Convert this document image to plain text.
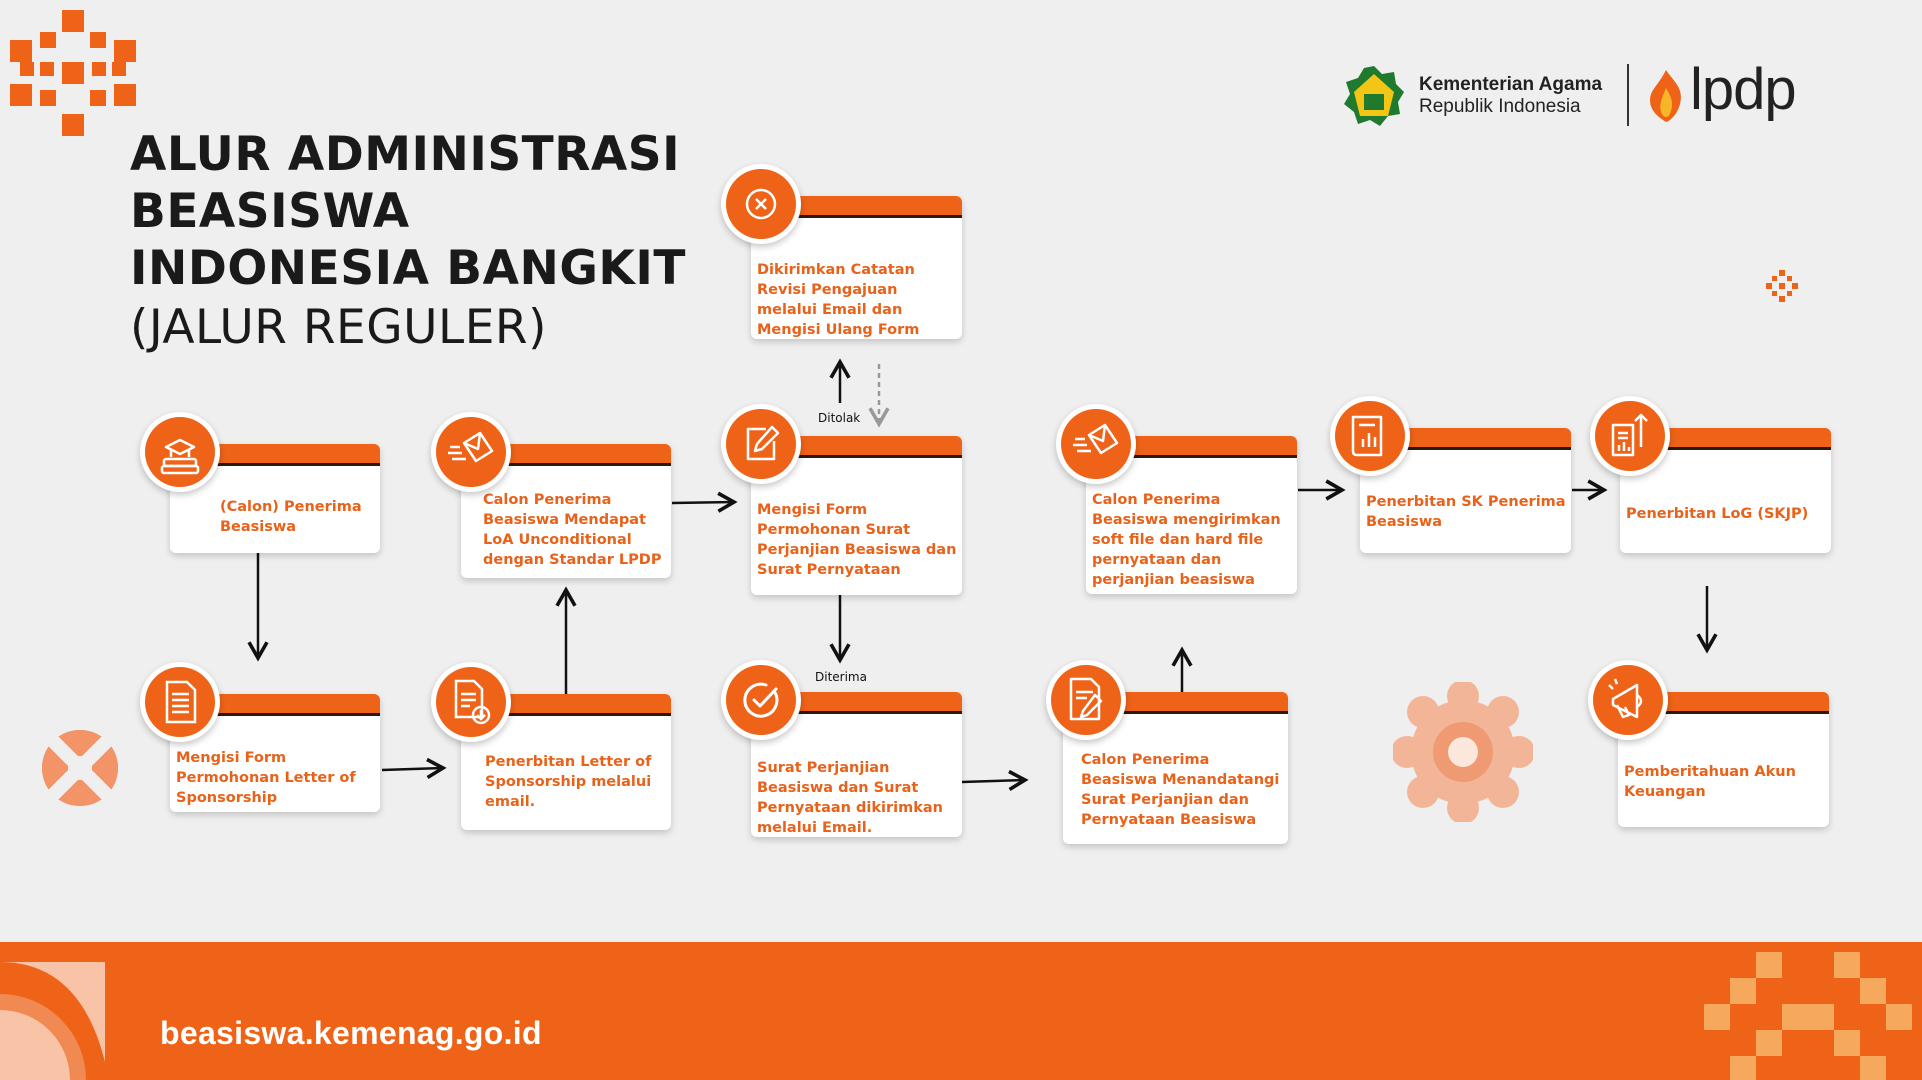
ALUR ADMINISTRASI
BEASISWA
INDONESIA BANGKIT
(JALUR REGULER)
Kementerian Agama
Republik Indonesia lpdp
Ditolak
Diterima
(Calon) Penerima Beasiswa
Mengisi Form Permohonan Letter of Sponsorship
Penerbitan Letter of Sponsorship melalui email.
Calon Penerima Beasiswa Mendapat LoA Unconditional dengan Standar LPDP
Dikirimkan Catatan Revisi Pengajuan melalui Email dan Mengisi Ulang Form
Mengisi Form Permohonan Surat Perjanjian Beasiswa dan Surat Pernyataan
Surat Perjanjian Beasiswa dan Surat Pernyataan dikirimkan melalui Email.
Calon Penerima Beasiswa Menandatangi Surat Perjanjian dan Pernyataan Beasiswa
Calon Penerima Beasiswa mengirimkan soft file dan hard file pernyataan dan perjanjian beasiswa
Penerbitan SK Penerima Beasiswa	Penerbitan LoG (SKJP)
Pemberitahuan Akun Keuangan
beasiswa.kemenag.go.id
